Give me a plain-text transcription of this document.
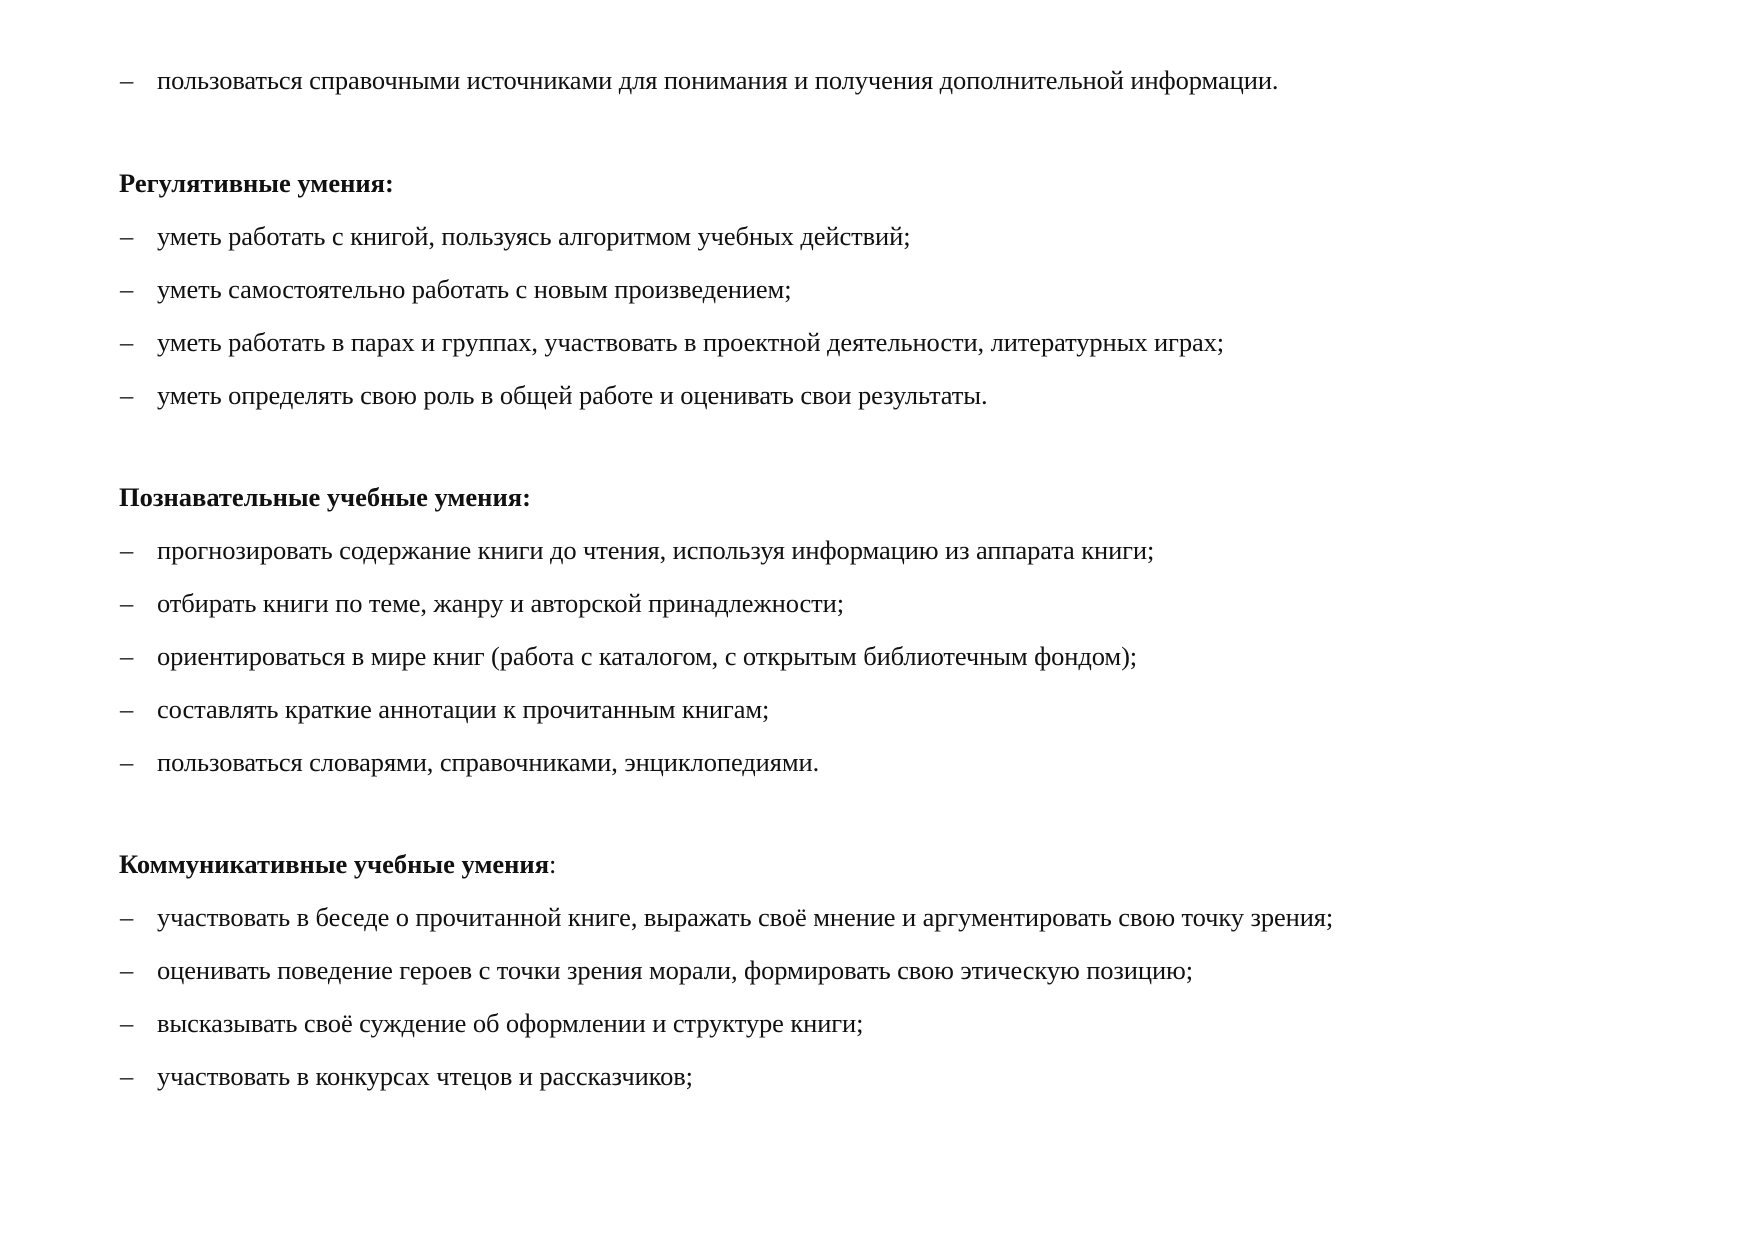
– пользоваться справочными источниками для понимания и получения дополнительной информации.
Регулятивные умения:
– уметь работать с книгой, пользуясь алгоритмом учебных действий;
– уметь самостоятельно работать с новым произведением;
– уметь работать в парах и группах, участвовать в проектной деятельности, литературных играх;
– уметь определять свою роль в общей работе и оценивать свои результаты.
Познавательные учебные умения:
– прогнозировать содержание книги до чтения, используя информацию из аппарата книги;
– отбирать книги по теме, жанру и авторской принадлежности;
– ориентироваться в мире книг (работа с каталогом, с открытым библиотечным фондом);
– составлять краткие аннотации к прочитанным книгам;
– пользоваться словарями, справочниками, энциклопедиями.
Коммуникативные учебные умения:
– участвовать в беседе о прочитанной книге, выражать своё мнение и аргументировать свою точку зрения;
– оценивать поведение героев с точки зрения морали, формировать свою этическую позицию;
– высказывать своё суждение об оформлении и структуре книги;
– участвовать в конкурсах чтецов и рассказчиков;
